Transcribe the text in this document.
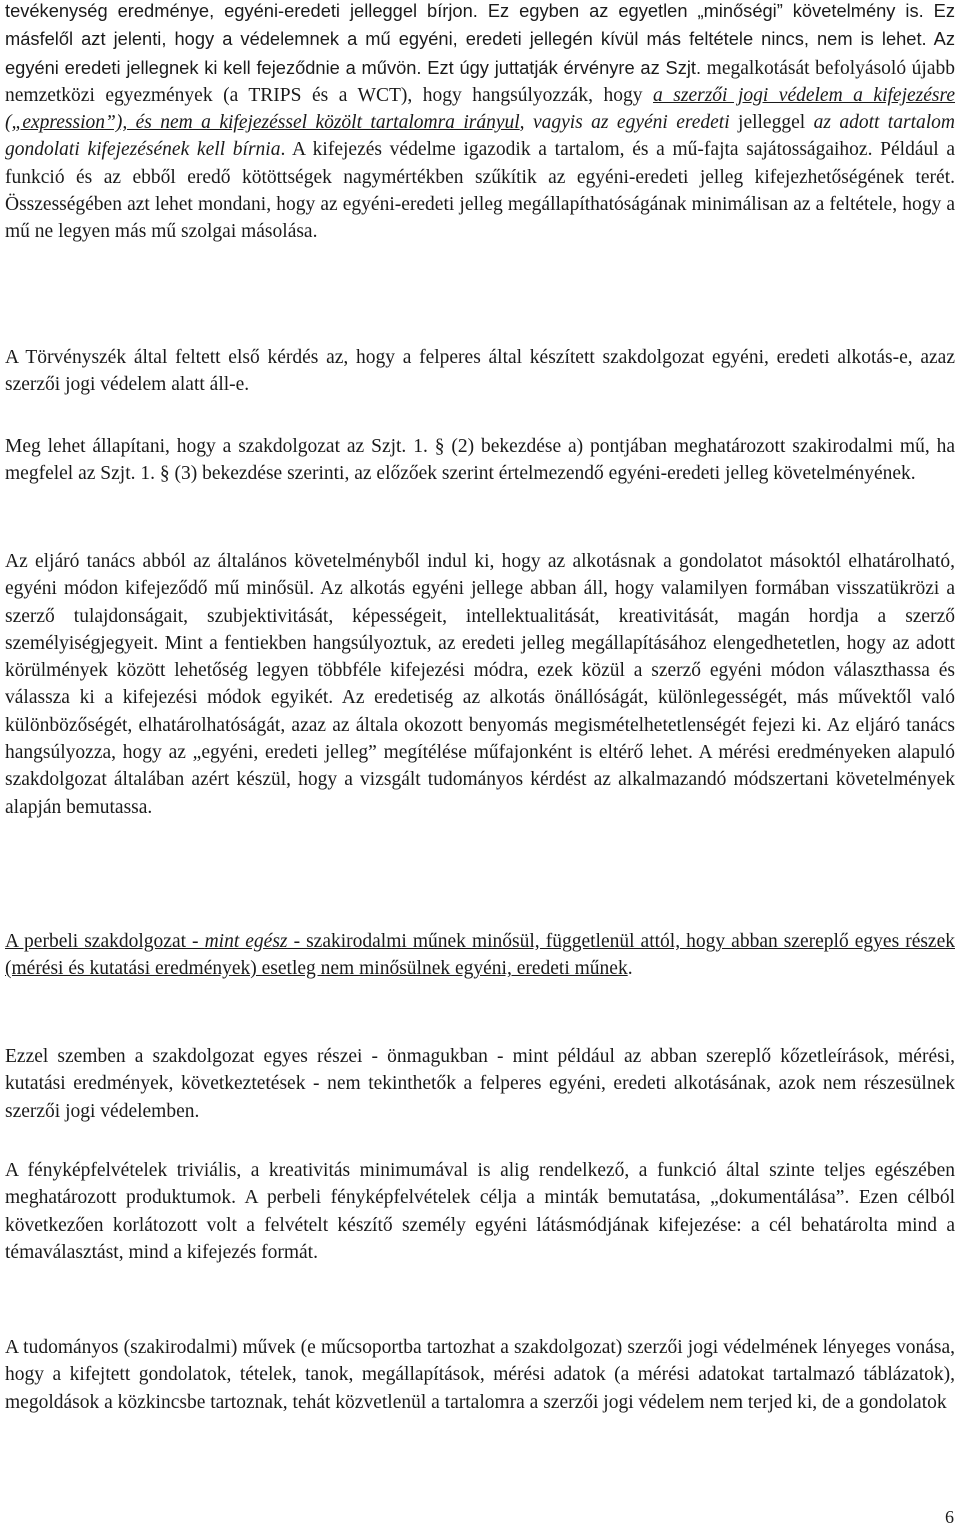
tevékenység eredménye, egyéni-eredeti jelleggel bírjon. Ez egyben az egyetlen „minőségi” követelmény is. Ez másfelől azt jelenti, hogy a védelemnek a mű egyéni, eredeti jellegén kívül más feltétele nincs, nem is lehet. Az egyéni eredeti jellegnek ki kell fejeződnie a művön. Ezt úgy juttatják érvényre az Szjt. megalkotását befolyásoló újabb nemzetközi egyezmények (a TRIPS és a WCT), hogy hangsúlyozzák, hogy a szerzői jogi védelem a kifejezésre („expression”), és nem a kifejezéssel közölt tartalomra irányul, vagyis az egyéni eredeti jelleggel az adott tartalom gondolati kifejezésének kell bírnia. A kifejezés védelme igazodik a tartalom, és a mű-fajta sajátosságaihoz. Például a funkció és az ebből eredő kötöttségek nagymértékben szűkítik az egyéni-eredeti jelleg kifejezhetőségének terét. Összességében azt lehet mondani, hogy az egyéni-eredeti jelleg megállapíthatóságának minimálisan az a feltétele, hogy a mű ne legyen más mű szolgai másolása.

A Törvényszék által feltett első kérdés az, hogy a felperes által készített szakdolgozat egyéni, eredeti alkotás-e, azaz szerzői jogi védelem alatt áll-e.

Meg lehet állapítani, hogy a szakdolgozat az Szjt. 1. § (2) bekezdése a) pontjában meghatározott szakirodalmi mű, ha megfelel az Szjt. 1. § (3) bekezdése szerinti, az előzőek szerint értelmezendő egyéni-eredeti jelleg követelményének.

Az eljáró tanács abból az általános követelményből indul ki, hogy az alkotásnak a gondolatot másoktól elhatárolható, egyéni módon kifejeződő mű minősül. Az alkotás egyéni jellege abban áll, hogy valamilyen formában visszatükrözi a szerző tulajdonságait, szubjektivitását, képességeit, intellektualitását, kreativitását, magán hordja a szerző személyiségjegyeit. Mint a fentiekben hangsúlyoztuk, az eredeti jelleg megállapításához elengedhetetlen, hogy az adott körülmények között lehetőség legyen többféle kifejezési módra, ezek közül a szerző egyéni módon választhassa és válassza ki a kifejezési módok egyikét. Az eredetiség az alkotás önállóságát, különlegességét, más művektől való különbözőségét, elhatárolhatóságát, azaz az általa okozott benyomás megismételhetetlenségét fejezi ki. Az eljáró tanács hangsúlyozza, hogy az „egyéni, eredeti jelleg” megítélése műfajonként is eltérő lehet. A mérési eredményeken alapuló szakdolgozat általában azért készül, hogy a vizsgált tudományos kérdést az alkalmazandó módszertani követelmények alapján bemutassa.

A perbeli szakdolgozat - mint egész - szakirodalmi műnek minősül, függetlenül attól, hogy abban szereplő egyes részek (mérési és kutatási eredmények) esetleg nem minősülnek egyéni, eredeti műnek.

Ezzel szemben a szakdolgozat egyes részei - önmagukban - mint például az abban szereplő kőzetleírások, mérési, kutatási eredmények, következtetések - nem tekinthetők a felperes egyéni, eredeti alkotásának, azok nem részesülnek szerzői jogi védelemben.

A fényképfelvételek triviális, a kreativitás minimumával is alig rendelkező, a funkció által szinte teljes egészében meghatározott produktumok. A perbeli fényképfelvételek célja a minták bemutatása, „dokumentálása”. Ezen célból következően korlátozott volt a felvételt készítő személy egyéni látásmódjának kifejezése: a cél behatárolta mind a témaválasztást, mind a kifejezés formát.

A tudományos (szakirodalmi) művek (e műcsoportba tartozhat a szakdolgozat) szerzői jogi védelmének lényeges vonása, hogy a kifejtett gondolatok, tételek, tanok, megállapítások, mérési adatok (a mérési adatokat tartalmazó táblázatok), megoldások a közkincsbe tartoznak, tehát közvetlenül a tartalomra a szerzői jogi védelem nem terjed ki, de a gondolatok

6
